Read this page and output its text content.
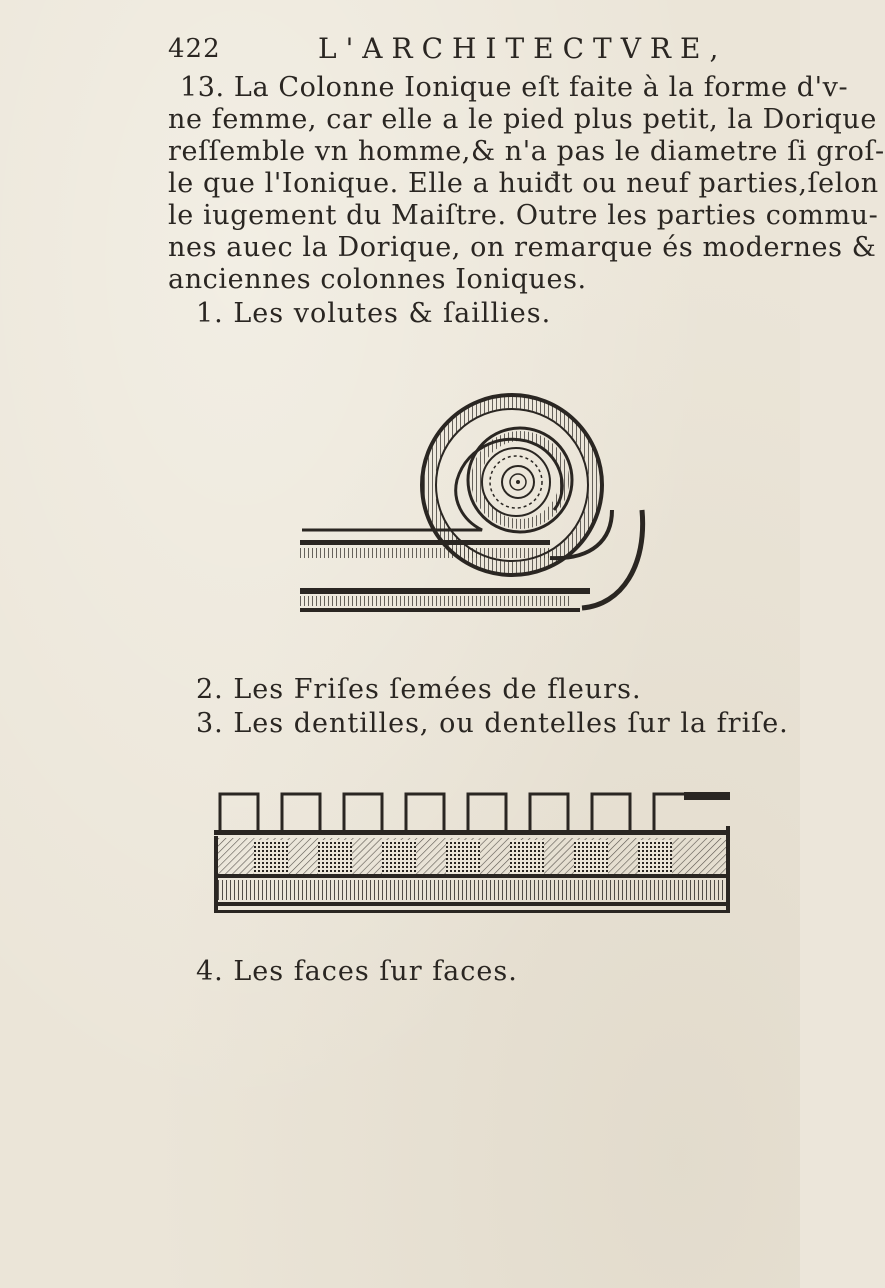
422	L'ARCHITECTVRE,
13. La Colonne Ionique eſt faite à la forme d'v-
ne femme, car elle a le pied plus petit, la Dorique
reſſemble vn homme,& n'a pas le diametre ſi groſ-
le que l'Ionique. Elle a huiđt ou neuf parties,ſelon
le iugement du Maiſtre. Outre les parties commu-
nes auec la Dorique, on remarque és modernes &
anciennes colonnes Ioniques.
1. Les volutes & ſaillies.
2. Les Friſes ſemées de fleurs.
3. Les dentilles, ou dentelles ſur la friſe.
4. Les faces ſur faces.
